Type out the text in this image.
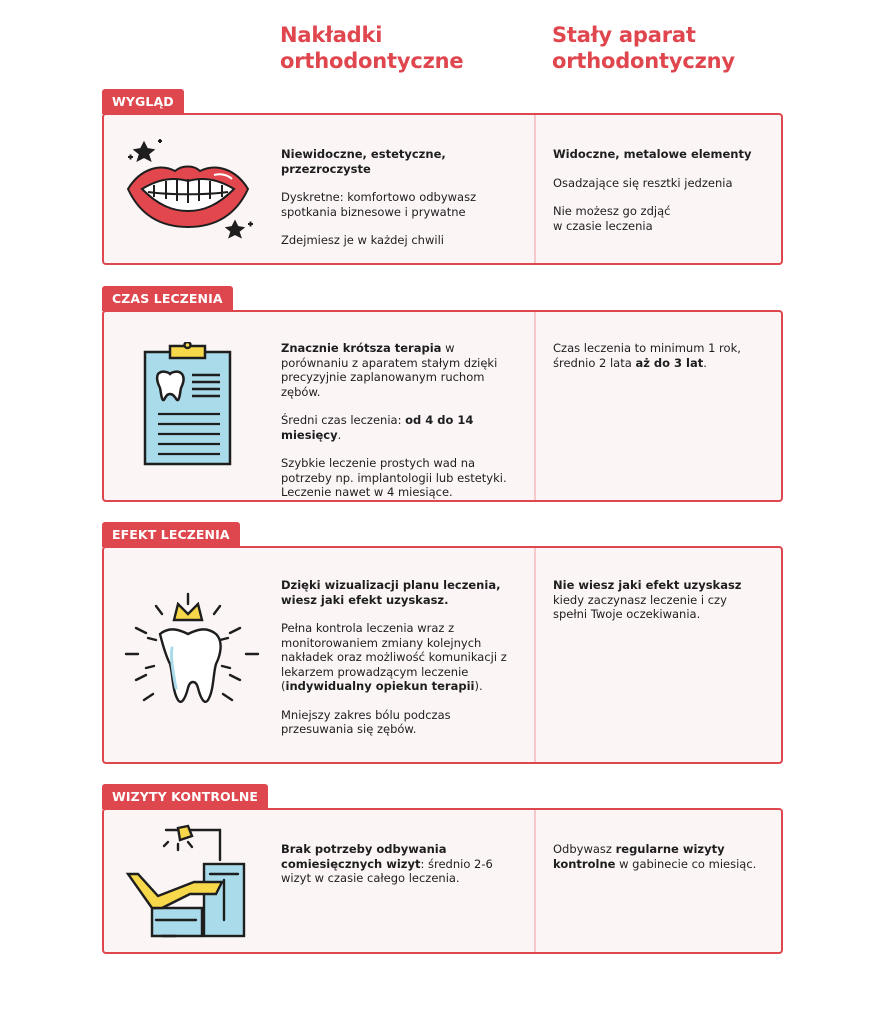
Nakładki
orthodontyczne
Stały aparat
orthodontyczny
WYGLĄD

Niewidoczne, estetyczne, przezroczyste

Dyskretne: komfortowo odbywasz spotkania biznesowe i prywatne

Zdejmiesz je w każdej chwili

Widoczne, metalowe elementy

Osadzające się resztki jedzenia

Nie możesz go zdjąć
w czasie leczenia

CZAS LECZENIA

Znacznie krótsza terapia w porównaniu z aparatem stałym dzięki precyzyjnie zaplanowanym ruchom zębów.

Średni czas leczenia: od 4 do 14 miesięcy.

Szybkie leczenie prostych wad na potrzeby np. implantologii lub estetyki. Leczenie nawet w 4 miesiące.

Czas leczenia to minimum 1 rok, średnio 2 lata aż do 3 lat.

EFEKT LECZENIA

Dzięki wizualizacji planu leczenia, wiesz jaki efekt uzyskasz.

Pełna kontrola leczenia wraz z monitorowaniem zmiany kolejnych nakładek oraz możliwość komunikacji z lekarzem prowadzącym leczenie (indywidualny opiekun terapii).

Mniejszy zakres bólu podczas przesuwania się zębów.

Nie wiesz jaki efekt uzyskasz
kiedy zaczynasz leczenie i czy spełni Twoje oczekiwania.

WIZYTY KONTROLNE

Brak potrzeby odbywania comiesięcznych wizyt: średnio 2-6 wizyt w czasie całego leczenia.

Odbywasz regularne wizyty kontrolne w gabinecie co miesiąc.
